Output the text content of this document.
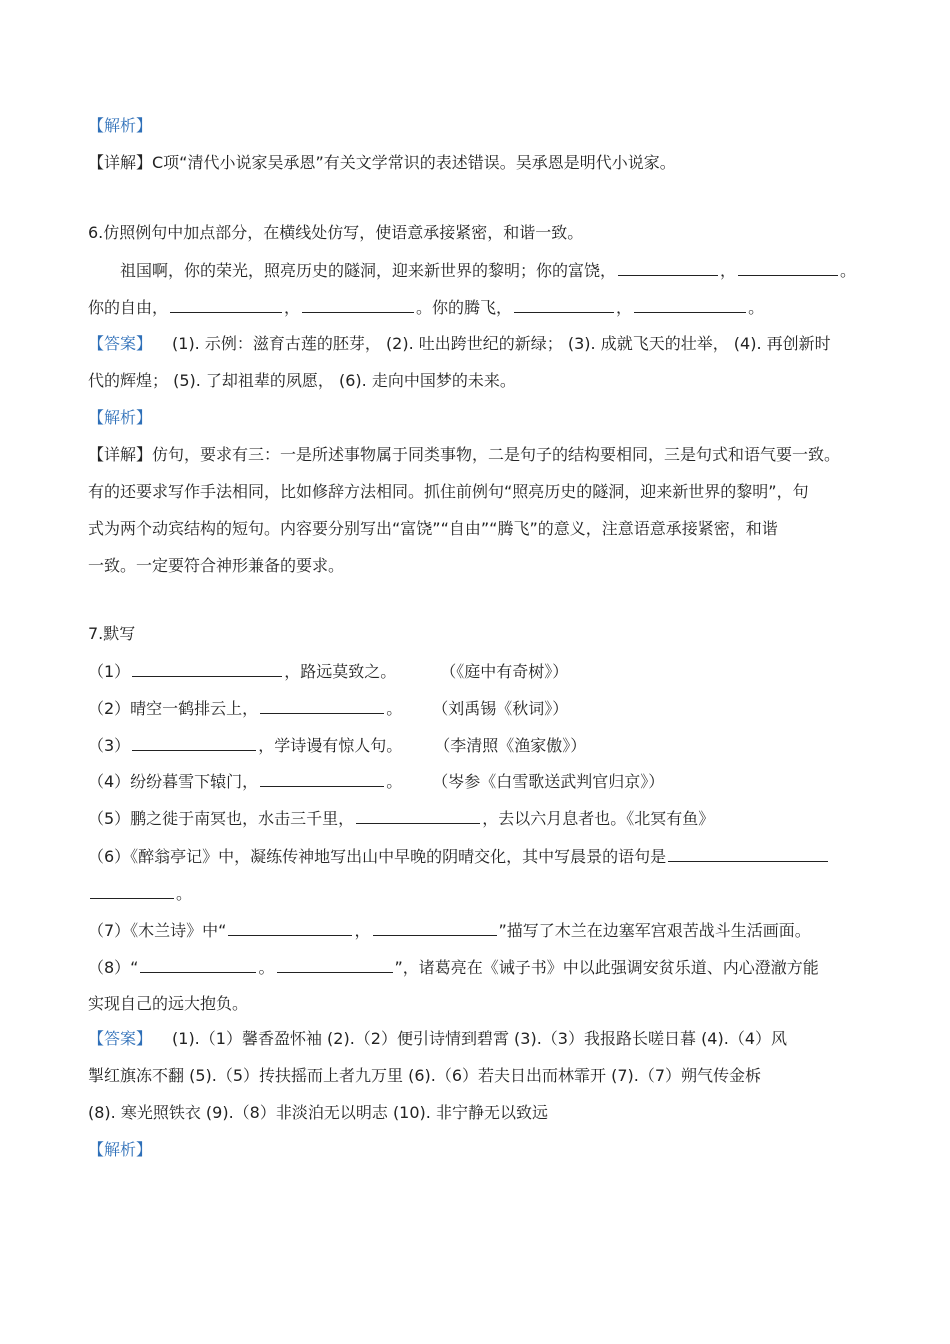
【解析】
【详解】C项“清代小说家吴承恩”有关文学常识的表述错误。吴承恩是明代小说家。
6.仿照例句中加点部分，在横线处仿写，使语意承接紧密，和谐一致。
祖国啊，你的荣光，照亮历史的隧洞，迎来新世界的黎明；你的富饶，	，	。
你的自由，	，	。你的腾飞，	，	。
【答案】 (1). 示例：滋育古莲的胚芽， (2). 吐出跨世纪的新绿； (3). 成就飞天的壮举， (4). 再创新时
代的辉煌； (5). 了却祖辈的夙愿， (6). 走向中国梦的未来。
【解析】
【详解】仿句，要求有三：一是所述事物属于同类事物，二是句子的结构要相同，三是句式和语气要一致。
有的还要求写作手法相同，比如修辞方法相同。抓住前例句“照亮历史的隧洞，迎来新世界的黎明”，句
式为两个动宾结构的短句。内容要分别写出“富饶”“自由”“腾飞”的意义，注意语意承接紧密，和谐
一致。一定要符合神形兼备的要求。
7.默写
（1）	，路远莫致之。	（《庭中有奇树》）
（2）晴空一鹤排云上，	。 （刘禹锡《秋词》）
（3）	，学诗谩有惊人句。 （李清照《渔家傲》）
（4）纷纷暮雪下辕门，	。 （岑参《白雪歌送武判官归京》）
（5）鹏之徙于南冥也，水击三千里，	，去以六月息者也。《北冥有鱼》
（6）《醉翁亭记》中，凝练传神地写出山中早晚的阴晴交化，其中写晨景的语句是
。
（7）《木兰诗》中“	，	”描写了木兰在边塞军宫艰苦战斗生活画面。
（8）“	。	”，诸葛亮在《诫子书》中以此强调安贫乐道、内心澄澈方能
实现自己的远大抱负。
【答案】 (1).（1）馨香盈怀袖 (2).（2）便引诗情到碧霄 (3).（3）我报路长嗟日暮 (4).（4）风
掣红旗冻不翻 (5).（5）抟扶摇而上者九万里 (6).（6）若夫日出而林霏开 (7).（7）朔气传金柝
(8). 寒光照铁衣 (9).（8）非淡泊无以明志 (10). 非宁静无以致远
【解析】
